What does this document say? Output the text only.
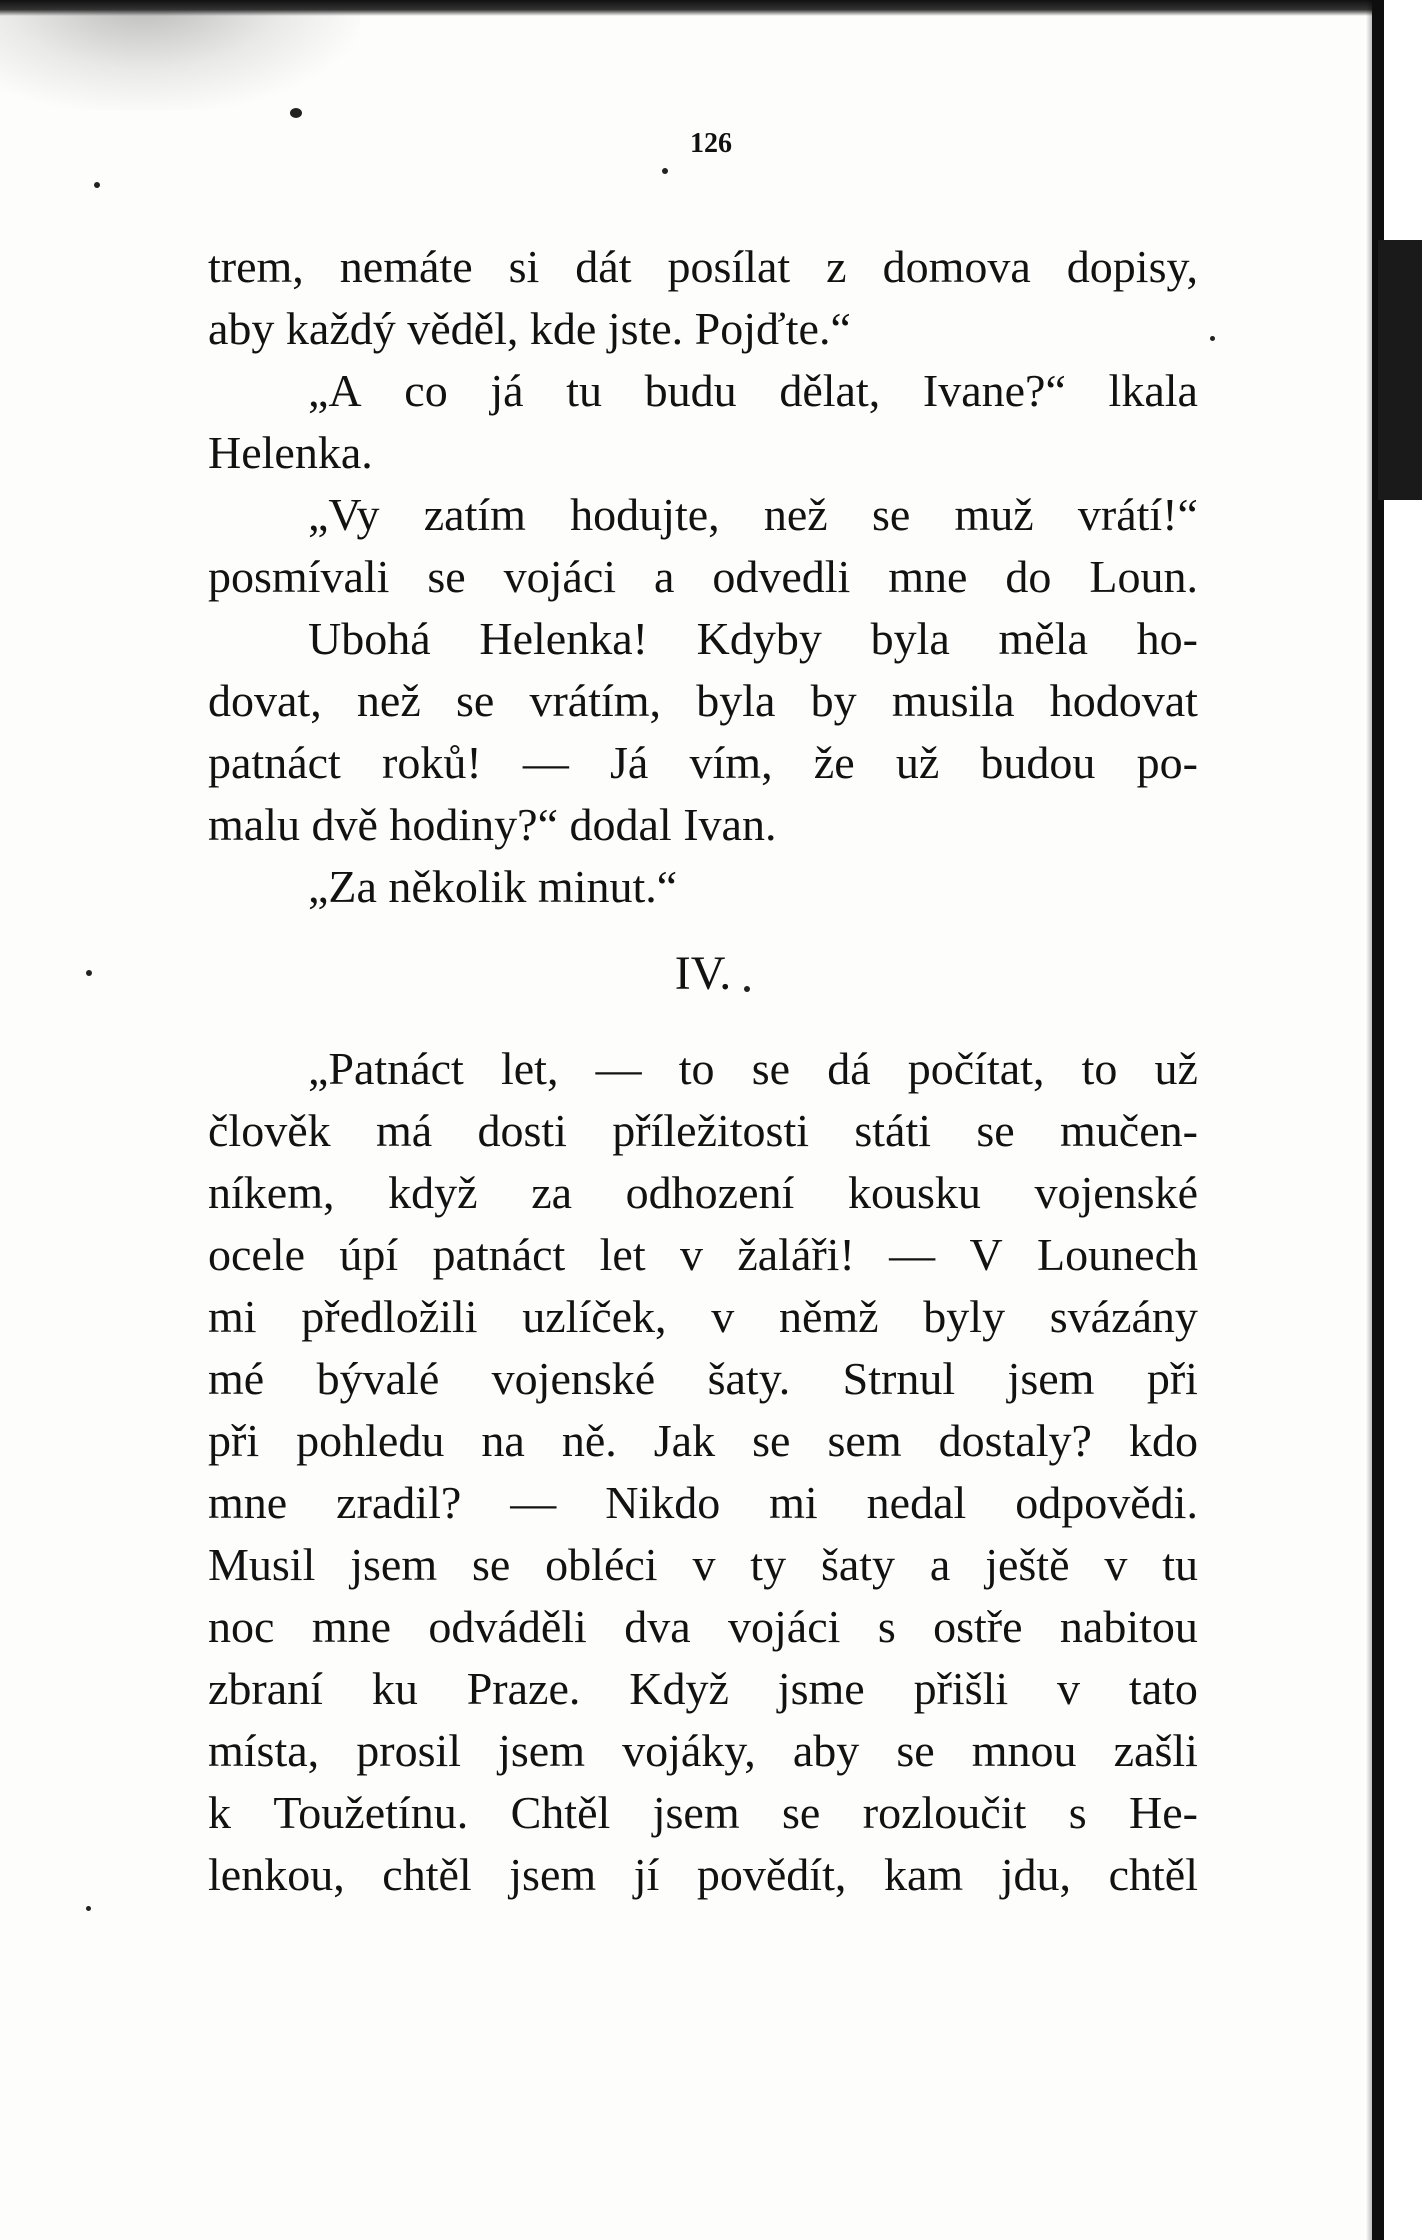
126
trem, nemáte si dát posílat z domova dopisy,
aby každý věděl, kde jste. Pojďte.“
„A co já tu budu dělat, Ivane?“ lkala
Helenka.
„Vy zatím hodujte, než se muž vrátí!“
posmívali se vojáci a odvedli mne do Loun.
Ubohá Helenka! Kdyby byla měla ho-
dovat, než se vrátím, byla by musila hodovat
patnáct roků! — Já vím, že už budou po-
malu dvě hodiny?“ dodal Ivan.
„Za několik minut.“
IV.
„Patnáct let, — to se dá počítat, to už
člověk má dosti příležitosti státi se mučen-
níkem, když za odhození kousku vojenské
ocele úpí patnáct let v žaláři! — V Lounech
mi předložili uzlíček, v němž byly svázány
mé bývalé vojenské šaty. Strnul jsem při
při pohledu na ně. Jak se sem dostaly? kdo
mne zradil? — Nikdo mi nedal odpovědi.
Musil jsem se obléci v ty šaty a ještě v tu
noc mne odváděli dva vojáci s ostře nabitou
zbraní ku Praze. Když jsme přišli v tato
místa, prosil jsem vojáky, aby se mnou zašli
k Toužetínu. Chtěl jsem se rozloučit s He-
lenkou, chtěl jsem jí povědít, kam jdu, chtěl
